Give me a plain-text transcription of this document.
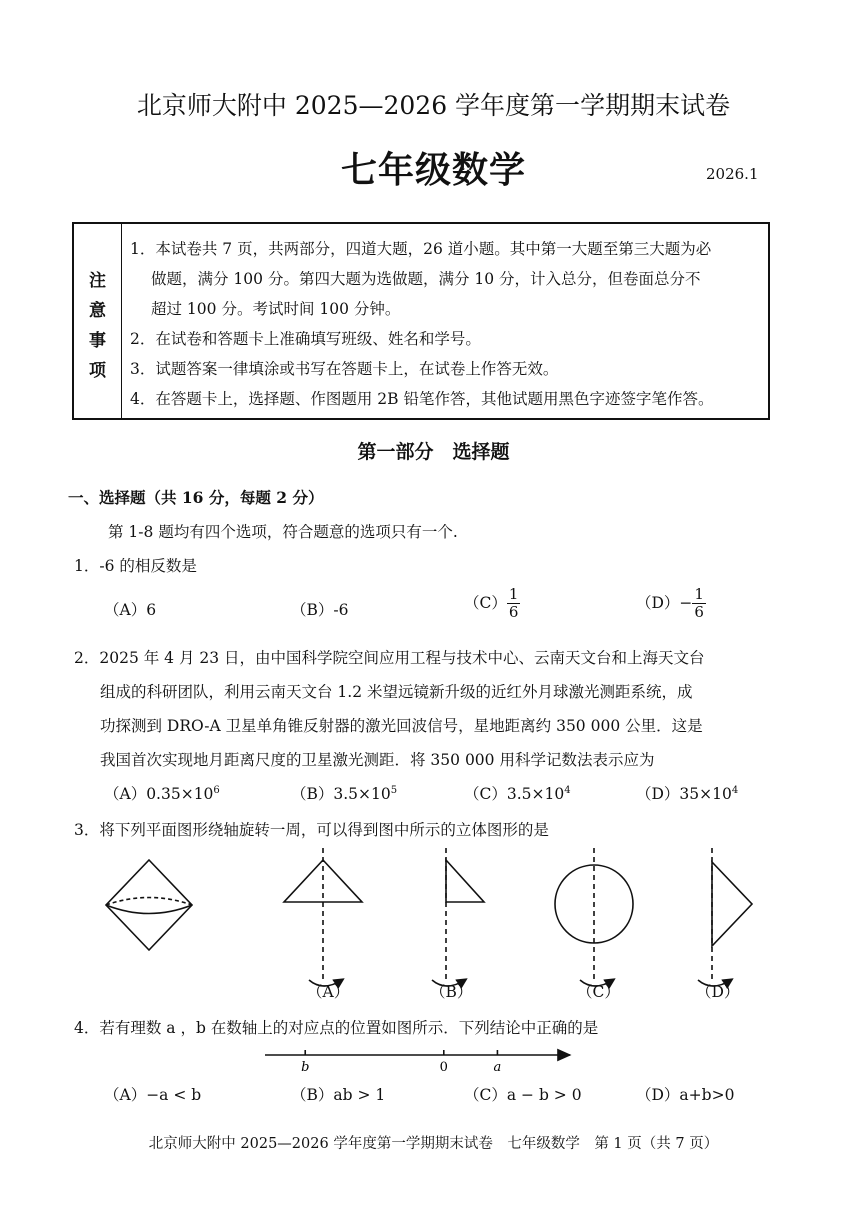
北京师大附中 2025—2026 学年度第一学期期末试卷
七年级数学	2026.1
注
意
事
项
1．本试卷共 7 页，共两部分，四道大题，26 道小题。其中第一大题至第三大题为必
做题，满分 100 分。第四大题为选做题，满分 10 分，计入总分，但卷面总分不
超过 100 分。考试时间 100 分钟。
2．在试卷和答题卡上准确填写班级、姓名和学号。
3．试题答案一律填涂或书写在答题卡上，在试卷上作答无效。
4．在答题卡上，选择题、作图题用 2B 铅笔作答，其他试题用黑色字迹签字笔作答。
第一部分　选择题
一、选择题（共 16 分，每题 2 分）
第 1-8 题均有四个选项，符合题意的选项只有一个.
1．-6 的相反数是
（A）6	（B）-6	$(C) \frac{1}{6}$	$(D)- \frac{1}{6}$
2．2025 年 4 月 23 日，由中国科学院空间应用工程与技术中心、云南天文台和上海天文台
组成的科研团队，利用云南天文台 1.2 米望远镜新升级的近红外月球激光测距系统，成
功探测到 DRO-A 卫星单角锥反射器的激光回波信号，星地距离约 350 000 公里．这是
我国首次实现地月距离尺度的卫星激光测距．将 350 000 用科学记数法表示应为
$(A)0.35\times 10^6$	$(B)3.5\times 10^5$	$(C)3.5\times 10^4$	$(D)35\times 10^4$
3．将下列平面图形绕轴旋转一周，可以得到图中所示的立体图形的是
（A）	（B）	（C）	（D）
4．若有理数 a ，b 在数轴上的对应点的位置如图所示．下列结论中正确的是
b	0	a
（A）−a < b	（B）ab > 1	（C）a − b > 0	（D）a+b>0
北京师大附中 2025—2026 学年度第一学期期末试卷　七年级数学　第 1 页（共 7 页）
